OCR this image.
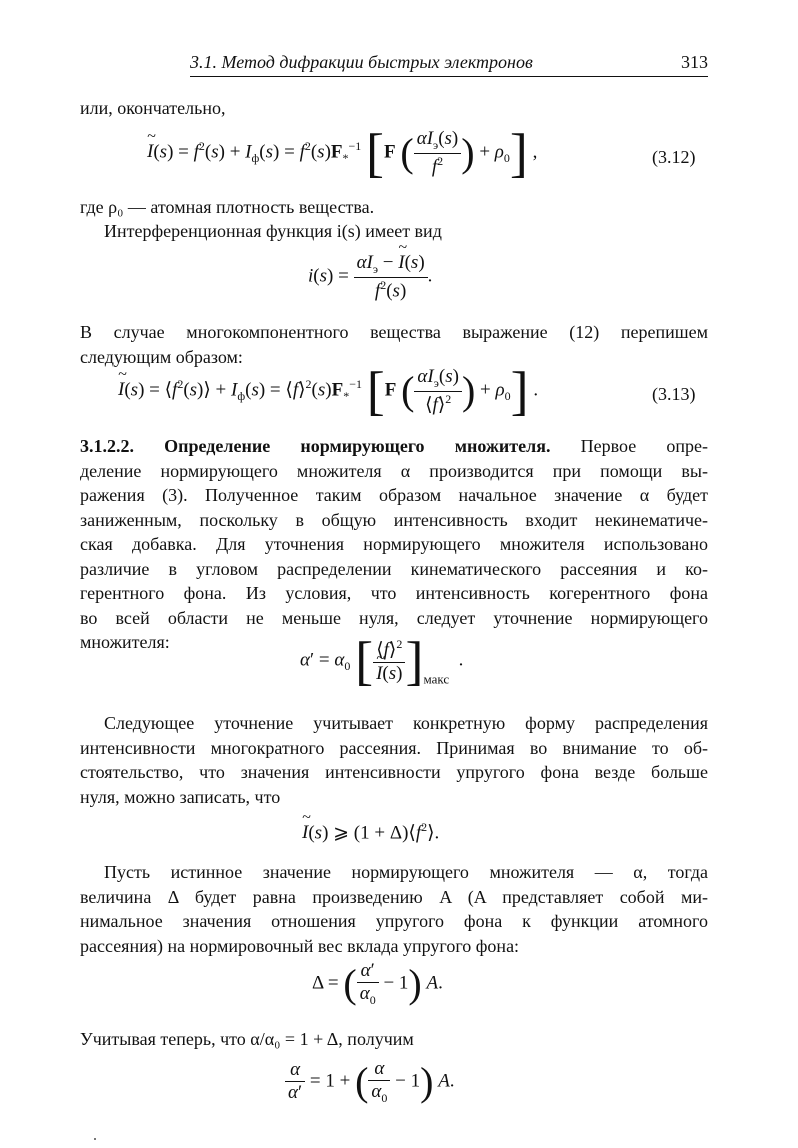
3.1. Метод дифракции быстрых электронов	313
или, окончательно,
~ $I(s) = f^2(s) + I_ф(s) = f^2(s)F_*^{-1}$ [F ( $\frac{\alpha I_э(s)}{f^2}$ ) + $\rho_0$] ,	(3.12)
где ρ₀ — атомная плотность вещества.
Интерференционная функция i(s) имеет вид
$i(s) = \frac{\alpha I_э - \sim I(s)}{f^2(s)}$ .
В случае многокомпонентного вещества выражение (12) перепишем
следующим образом:
~ $I(s) = ⟨f^2(s)⟩ + I_ф(s)$ = $⟨f⟩^2(s)F_*^{-1}$ [F ( $\frac{\alpha I_э(s)}{⟨f⟩^2}$ ) + $\rho_0$] .	(3.13)
3.1.2.2. Определение нормирующего множителя. Первое опре-
деление нормирующего множителя α производится при помощи вы-
ражения (3). Полученное таким образом начальное значение α будет
заниженным, поскольку в общую интенсивность входит некинематиче-
ская добавка. Для уточнения нормирующего множителя использовано
различие в угловом распределении кинематического рассеяния и ко-
герентного фона. Из условия, что интенсивность когерентного фона
во всей области не меньше нуля, следует уточнение нормирующего
множителя:
$\alpha' = \alpha_0$ [ ⟨f⟩$^2$
~ I(s) ]$_{макс}$  .
Следующее уточнение учитывает конкретную форму распределения
интенсивности многократного рассеяния. Принимая во внимание то об-
стоятельство, что значения интенсивности упругого фона везде больше
нуля, можно записать, что
~ I(s) ⩾ $(1 + \Delta)⟨f^2⟩$.
Пусть истинное значение нормирующего множителя — α, тогда
величина Δ будет равна произведению A (A представляет собой ми-
нимальное значения отношения упругого фона к функции атомного
рассеяния) на нормировочный вес вклада упругого фона:
Δ = ( $\frac{\alpha'}{\alpha_0} - 1$) A.
Учитывая теперь, что α/α₀ = 1 + Δ, получим
$\frac{\alpha}{\alpha'} = 1$ + ( $\frac{\alpha}{\alpha_0} - 1$) A.
